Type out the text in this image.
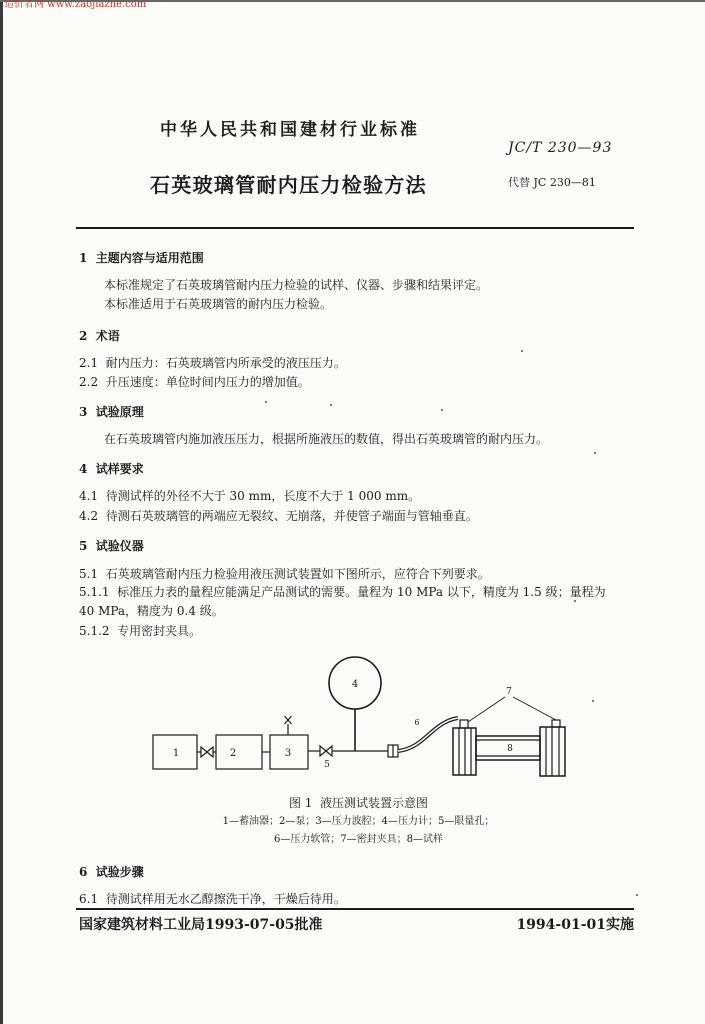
造价者网 www.zaojiazhe.com
中华人民共和国建材行业标准
JC/T 230—93
石英玻璃管耐内压力检验方法	代替 JC 230—81
1  主题内容与适用范围
本标准规定了石英玻璃管耐内压力检验的试样、仪器、步骤和结果评定。
本标准适用于石英玻璃管的耐内压力检验。
2  术语
2.1  耐内压力：石英玻璃管内所承受的液压压力。
2.2  升压速度：单位时间内压力的增加值。
3  试验原理
在石英玻璃管内施加液压压力，根据所施液压的数值，得出石英玻璃管的耐内压力。
4  试样要求
4.1  待测试样的外径不大于 30 mm，长度不大于 1 000 mm。
4.2  待测石英玻璃管的两端应无裂纹、无崩落，并使管子端面与管轴垂直。
5  试验仪器
5.1  石英玻璃管耐内压力检验用液压测试装置如下图所示，应符合下列要求。
5.1.1  标准压力表的量程应能满足产品测试的需要。量程为 10 MPa 以下，精度为 1.5 级；量程为
40 MPa，精度为 0.4 级。
5.1.2  专用密封夹具。
1	2	3
4
5
6
7
8
图 1  液压测试装置示意图
1—蓄油器；2—泵；3—压力波腔；4—压力计；5—限量孔；
6—压力软管；7—密封夹具；8—试样
6  试验步骤
6.1  待测试样用无水乙醇擦洗干净，干燥后待用。
国家建筑材料工业局1993-07-05批准	1994-01-01实施
